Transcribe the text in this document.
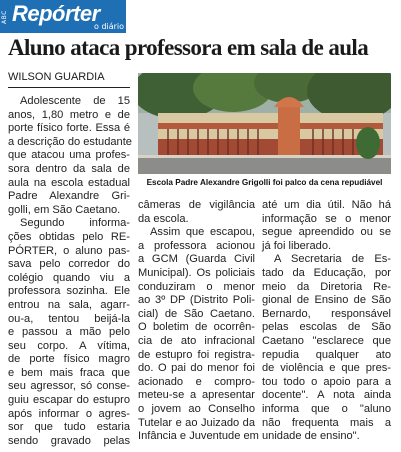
ABC Repórter
o diário
Aluno ataca professora em sala de aula
WILSON GUARDIA
Escola Padre Alexandre Grigolli foi palco da cena repudiável
Adolescente de 15
anos, 1,80 metro e de
porte físico forte. Essa é
a descrição do estudante
que atacou uma profes-
sora dentro da sala de
aula na escola estadual
Padre Alexandre Gri-
golli, em São Caetano.
Segundo informa-
ções obtidas pelo RE-
PÓRTER, o aluno pas-
sava pelo corredor do
colégio quando viu a
professora sozinha. Ele
entrou na sala, agarr-
ou-a, tentou beijá-la
e passou a mão pelo
seu corpo. A vítima,
de porte físico magro
e bem mais fraca que
seu agressor, só conse-
guiu escapar do estupro
após informar o agres-
sor que tudo estaria
sendo gravado pelas
câmeras de vigilância
da escola.
Assim que escapou,
a professora acionou
a GCM (Guarda Civil
Municipal). Os policiais
conduziram o menor
ao 3º DP (Distrito Poli-
cial) de São Caetano.
O boletim de ocorrên-
cia de ato infracional
de estupro foi registra-
do. O pai do menor foi
acionado e compro-
meteu-se a apresentar
o jovem ao Conselho
Tutelar e ao Juizado da
Infância e Juventude em
até um dia útil. Não há
informação se o menor
segue apreendido ou se
já foi liberado.
A Secretaria de Es-
tado da Educação, por
meio da Diretoria Re-
gional de Ensino de São
Bernardo, responsável
pelas escolas de São
Caetano "esclarece que
repudia qualquer ato
de violência e que pres-
tou todo o apoio para a
docente". A nota ainda
informa que o "aluno
não frequenta mais a
unidade de ensino".
